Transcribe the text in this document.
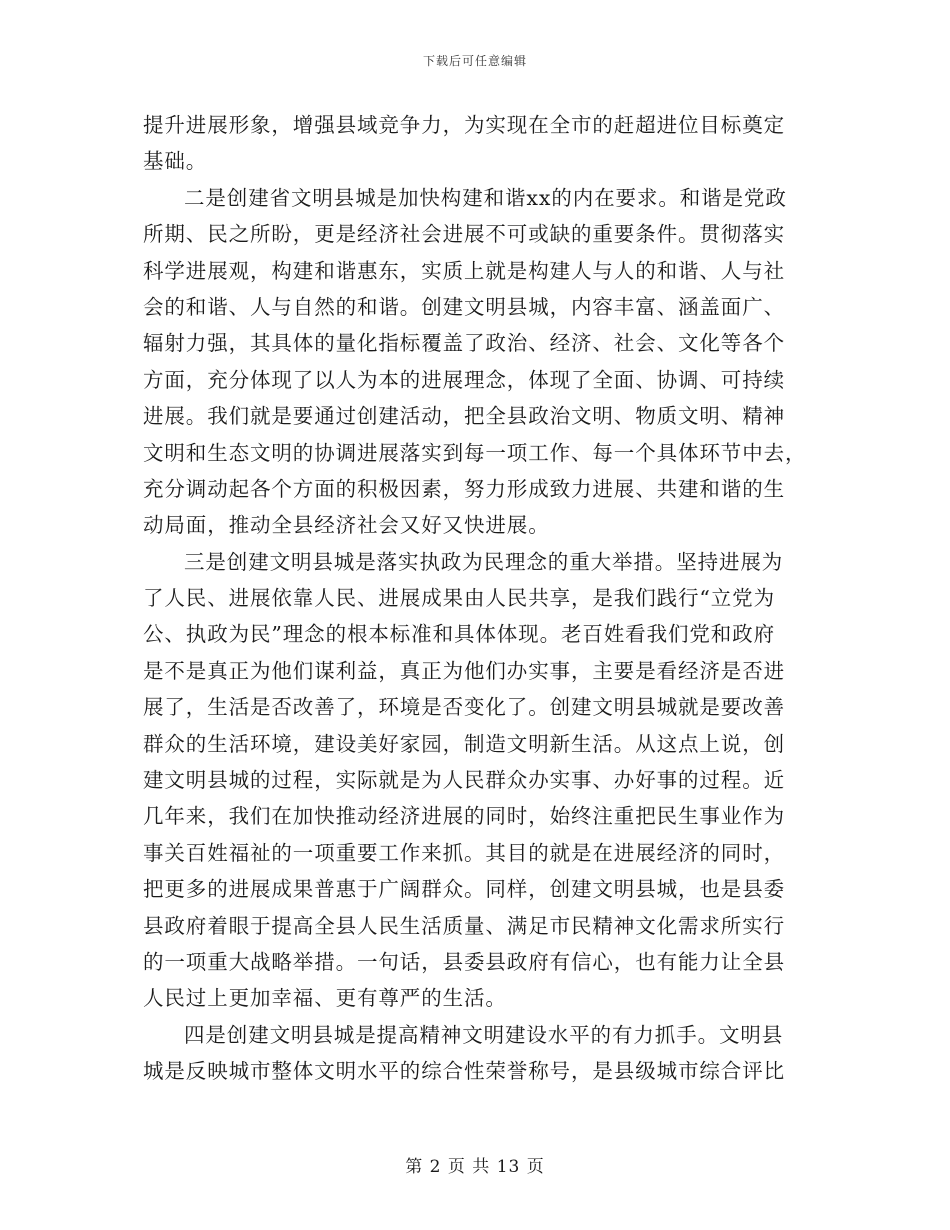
下载后可任意编辑
提升进展形象，增强县域竞争力，为实现在全市的赶超进位目标奠定
基础。
二是创建省文明县城是加快构建和谐xx的内在要求。和谐是党政
所期、民之所盼，更是经济社会进展不可或缺的重要条件。贯彻落实
科学进展观，构建和谐惠东，实质上就是构建人与人的和谐、人与社
会的和谐、人与自然的和谐。创建文明县城，内容丰富、涵盖面广、
辐射力强，其具体的量化指标覆盖了政治、经济、社会、文化等各个
方面，充分体现了以人为本的进展理念，体现了全面、协调、可持续
进展。我们就是要通过创建活动，把全县政治文明、物质文明、精神
文明和生态文明的协调进展落实到每一项工作、每一个具体环节中去，
充分调动起各个方面的积极因素，努力形成致力进展、共建和谐的生
动局面，推动全县经济社会又好又快进展。
三是创建文明县城是落实执政为民理念的重大举措。坚持进展为
了人民、进展依靠人民、进展成果由人民共享，是我们践行“立党为
公、执政为民”理念的根本标准和具体体现。老百姓看我们党和政府
是不是真正为他们谋利益，真正为他们办实事，主要是看经济是否进
展了，生活是否改善了，环境是否变化了。创建文明县城就是要改善
群众的生活环境，建设美好家园，制造文明新生活。从这点上说，创
建文明县城的过程，实际就是为人民群众办实事、办好事的过程。近
几年来，我们在加快推动经济进展的同时，始终注重把民生事业作为
事关百姓福祉的一项重要工作来抓。其目的就是在进展经济的同时，
把更多的进展成果普惠于广阔群众。同样，创建文明县城，也是县委
县政府着眼于提高全县人民生活质量、满足市民精神文化需求所实行
的一项重大战略举措。一句话，县委县政府有信心，也有能力让全县
人民过上更加幸福、更有尊严的生活。
四是创建文明县城是提高精神文明建设水平的有力抓手。文明县
城是反映城市整体文明水平的综合性荣誉称号，是县级城市综合评比
第 2 页 共 13 页
